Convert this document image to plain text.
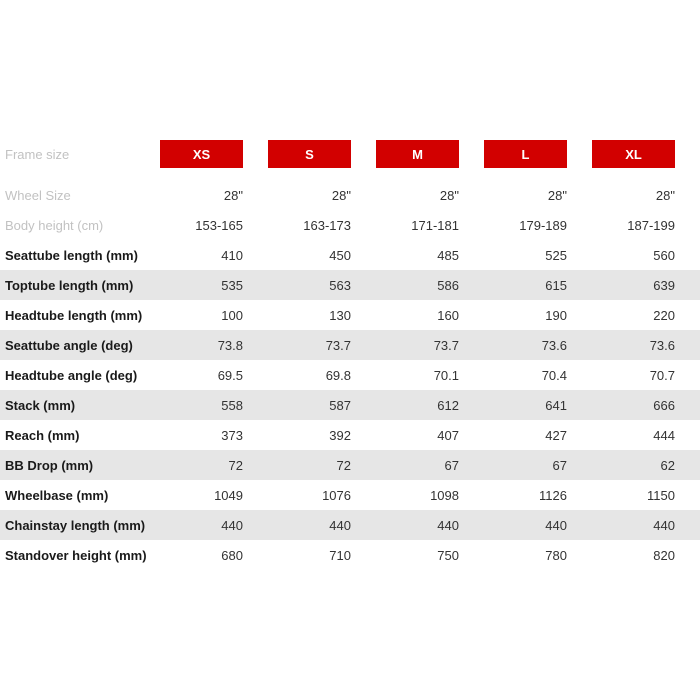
Frame size	XS	S	M	L	XL
Wheel Size	28"	28"	28"	28"	28"
Body height (cm)	153-165	163-173	171-181	179-189	187-199
Seattube length (mm)	410	450	485	525	560
Toptube length (mm)	535	563	586	615	639
Headtube length (mm)	100	130	160	190	220
Seattube angle (deg)	73.8	73.7	73.7	73.6	73.6
Headtube angle (deg)	69.5	69.8	70.1	70.4	70.7
Stack (mm)	558	587	612	641	666
Reach (mm)	373	392	407	427	444
BB Drop (mm)	72	72	67	67	62
Wheelbase (mm)	1049	1076	1098	1126	1150
Chainstay length (mm)	440	440	440	440	440
Standover height (mm)	680	710	750	780	820
